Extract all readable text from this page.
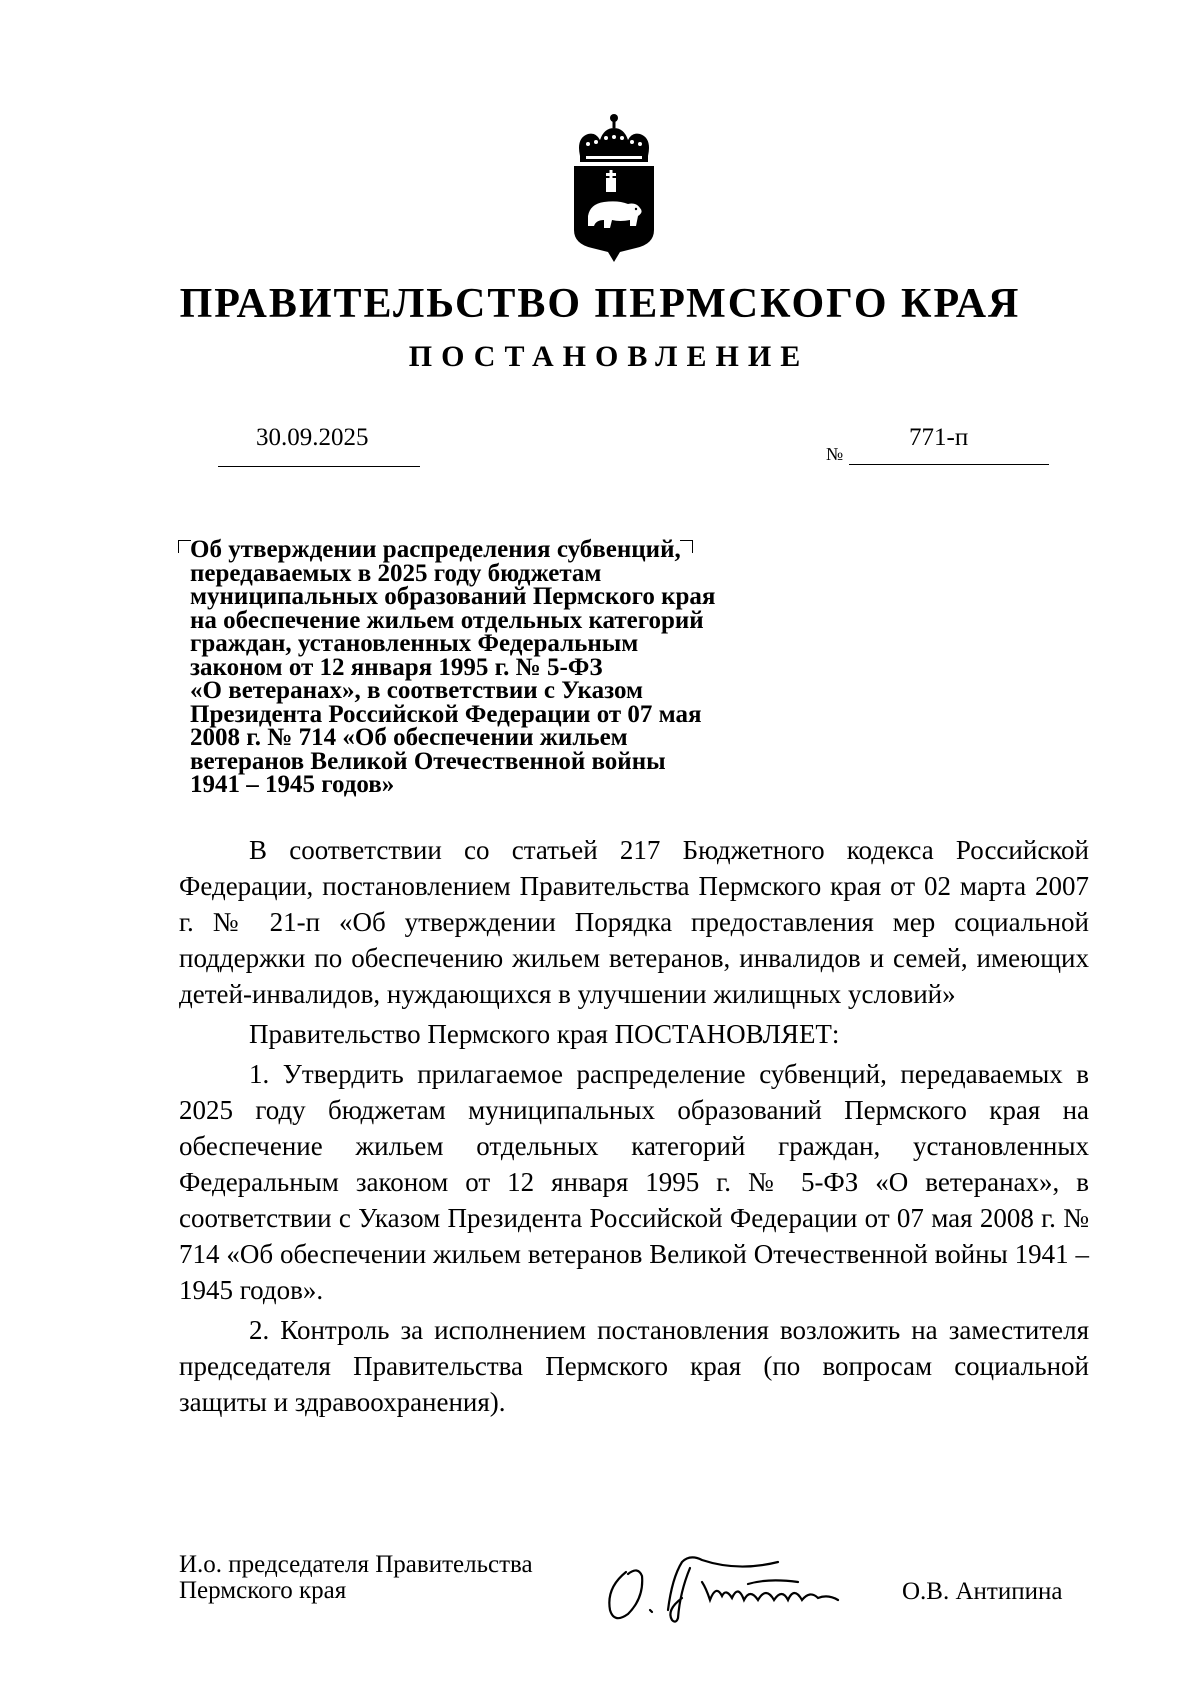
ПРАВИТЕЛЬСТВО ПЕРМСКОГО КРАЯ
ПОСТАНОВЛЕНИЕ
30.09.2025
№
771-п
Об утверждении распределения субвенций,
передаваемых в 2025 году бюджетам
муниципальных образований Пермского края
на обеспечение жильем отдельных категорий
граждан, установленных Федеральным
законом от 12 января 1995 г. № 5-ФЗ
«О ветеранах», в соответствии с Указом
Президента Российской Федерации от 07 мая
2008 г. № 714 «Об обеспечении жильем
ветеранов Великой Отечественной войны
1941 – 1945 годов»

В соответствии со статьей 217 Бюджетного кодекса Российской Федерации, постановлением Правительства Пермского края от 02 марта 2007 г. № 21-п «Об утверждении Порядка предоставления мер социальной поддержки по обеспечению жильем ветеранов, инвалидов и семей, имеющих детей-инвалидов, нуждающихся в улучшении жилищных условий»

Правительство Пермского края ПОСТАНОВЛЯЕТ:

1. Утвердить прилагаемое распределение субвенций, передаваемых в 2025 году бюджетам муниципальных образований Пермского края на обеспечение жильем отдельных категорий граждан, установленных Федеральным законом от 12 января 1995 г. № 5-ФЗ «О ветеранах», в соответствии с Указом Президента Российской Федерации от 07 мая 2008 г. № 714 «Об обеспечении жильем ветеранов Великой Отечественной войны 1941 – 1945 годов».

2. Контроль за исполнением постановления возложить на заместителя председателя Правительства Пермского края (по вопросам социальной защиты и здравоохранения).

И.о. председателя Правительства
Пермского края	О.В. Антипина
